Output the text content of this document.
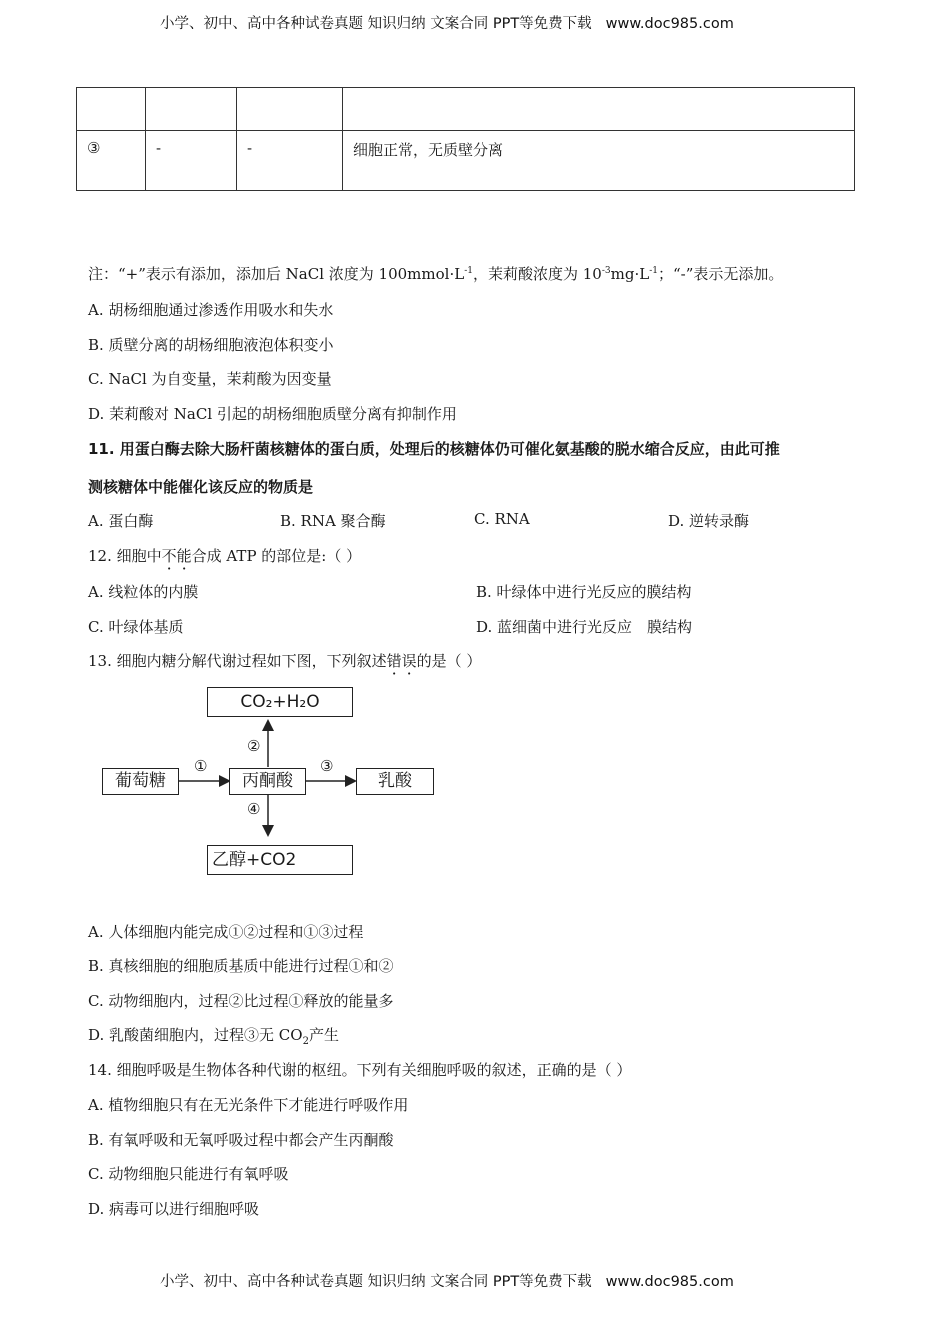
小学、初中、高中各种试卷真题 知识归纳 文案合同 PPT等免费下载 www.doc985.com

③	-	-	细胞正常，无质壁分离
注：“+”表示有添加，添加后 NaCl 浓度为 $100mmol\cdot L^{-1}$，茉莉酸浓度为 $10^{-3}mg\cdot L^{-1}$；“-”表示无添加。
A. 胡杨细胞通过渗透作用吸水和失水
B. 质壁分离的胡杨细胞液泡体积变小
C. NaCl 为自变量，茉莉酸为因变量
D. 茉莉酸对 NaCl 引起的胡杨细胞质壁分离有抑制作用
11. 用蛋白酶去除大肠杆菌核糖体的蛋白质，处理后的核糖体仍可催化氨基酸的脱水缩合反应，由此可推
测核糖体中能催化该反应的物质是
A. 蛋白酶	B. RNA 聚合酶	C. RNA	D. 逆转录酶
12. 细胞中不能合成 ATP 的部位是:（ ）
A. 线粒体的内膜	B. 叶绿体中进行光反应的膜结构
C. 叶绿体基质	D. 蓝细菌中进行光反应　膜结构
13. 细胞内糖分解代谢过程如下图，下列叙述错误的是（ ）
CO₂+H₂O
葡萄糖	丙酮酸	乳酸
乙醇+CO2
①
②
③
④
A. 人体细胞内能完成①②过程和①③过程
B. 真核细胞的细胞质基质中能进行过程①和②
C. 动物细胞内，过程②比过程①释放的能量多
D. 乳酸菌细胞内，过程③无 $CO_2$产生
14. 细胞呼吸是生物体各种代谢的枢纽。下列有关细胞呼吸的叙述，正确的是（ ）
A. 植物细胞只有在无光条件下才能进行呼吸作用
B. 有氧呼吸和无氧呼吸过程中都会产生丙酮酸
C. 动物细胞只能进行有氧呼吸
D. 病毒可以进行细胞呼吸
小学、初中、高中各种试卷真题 知识归纳 文案合同 PPT等免费下载 www.doc985.com
